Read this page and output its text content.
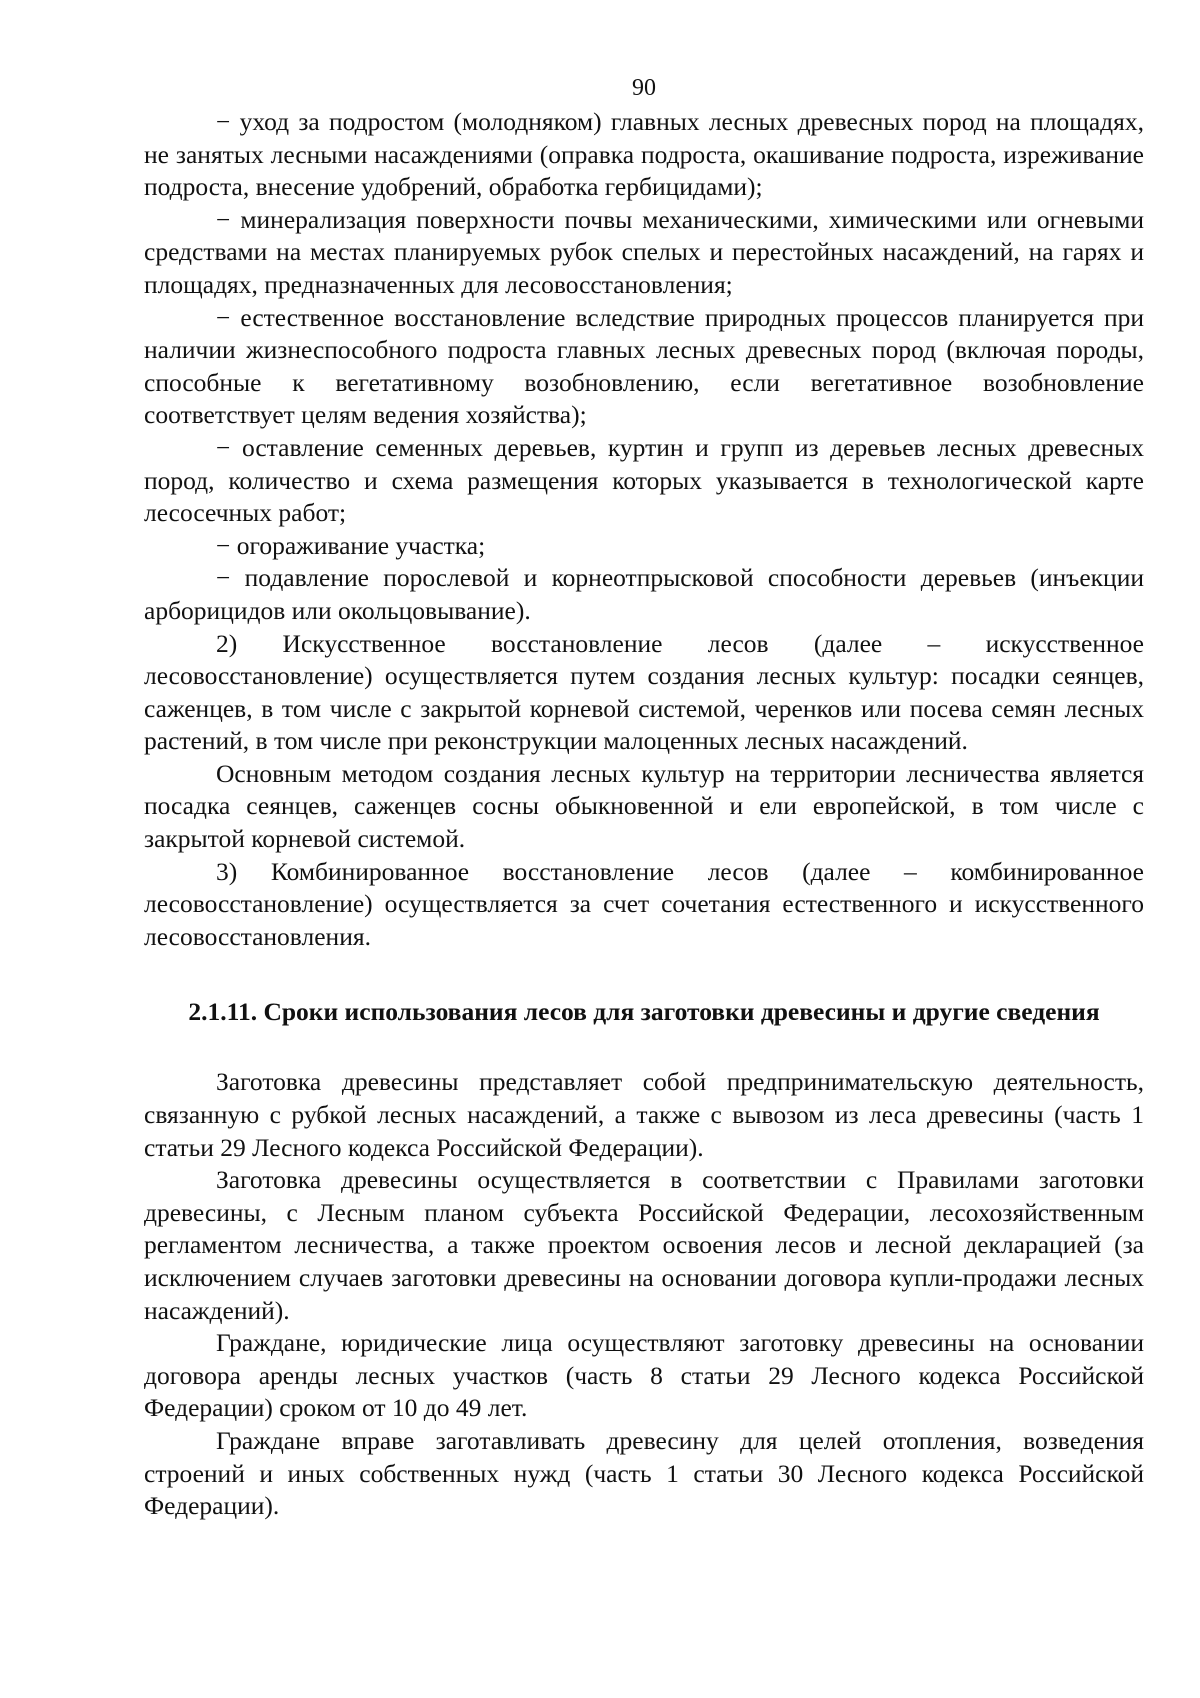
90

− уход за подростом (молодняком) главных лесных древесных пород на площадях, не занятых лесными насаждениями (оправка подроста, окашивание подроста, изреживание подроста, внесение удобрений, обработка гербицидами);

− минерализация поверхности почвы механическими, химическими или огневыми средствами на местах планируемых рубок спелых и перестойных насаждений, на гарях и площадях, предназначенных для лесовосстановления;

− естественное восстановление вследствие природных процессов планируется при наличии жизнеспособного подроста главных лесных древесных пород (включая породы, способные к вегетативному возобновлению, если вегетативное возобновление соответствует целям ведения хозяйства);

− оставление семенных деревьев, куртин и групп из деревьев лесных древесных пород, количество и схема размещения которых указывается в технологической карте лесосечных работ;

− огораживание участка;

− подавление порослевой и корнеотпрысковой способности деревьев (инъекции арборицидов или окольцовывание).

2) Искусственное восстановление лесов (далее – искусственное лесовосстановление) осуществляется путем создания лесных культур: посадки сеянцев, саженцев, в том числе с закрытой корневой системой, черенков или посева семян лесных растений, в том числе при реконструкции малоценных лесных насаждений.

Основным методом создания лесных культур на территории лесничества является посадка сеянцев, саженцев сосны обыкновенной и ели европейской, в том числе с закрытой корневой системой.

3) Комбинированное восстановление лесов (далее – комбинированное лесовосстановление) осуществляется за счет сочетания естественного и искусственного лесовосстановления.

2.1.11. Сроки использования лесов для заготовки древесины и другие сведения

Заготовка древесины представляет собой предпринимательскую деятельность, связанную с рубкой лесных насаждений, а также с вывозом из леса древесины (часть 1 статьи 29 Лесного кодекса Российской Федерации).

Заготовка древесины осуществляется в соответствии с Правилами заготовки древесины, с Лесным планом субъекта Российской Федерации, лесохозяйственным регламентом лесничества, а также проектом освоения лесов и лесной декларацией (за исключением случаев заготовки древесины на основании договора купли-продажи лесных насаждений).

Граждане, юридические лица осуществляют заготовку древесины на основании договора аренды лесных участков (часть 8 статьи 29 Лесного кодекса Российской Федерации) сроком от 10 до 49 лет.

Граждане вправе заготавливать древесину для целей отопления, возведения строений и иных собственных нужд (часть 1 статьи 30 Лесного кодекса Российской Федерации).
